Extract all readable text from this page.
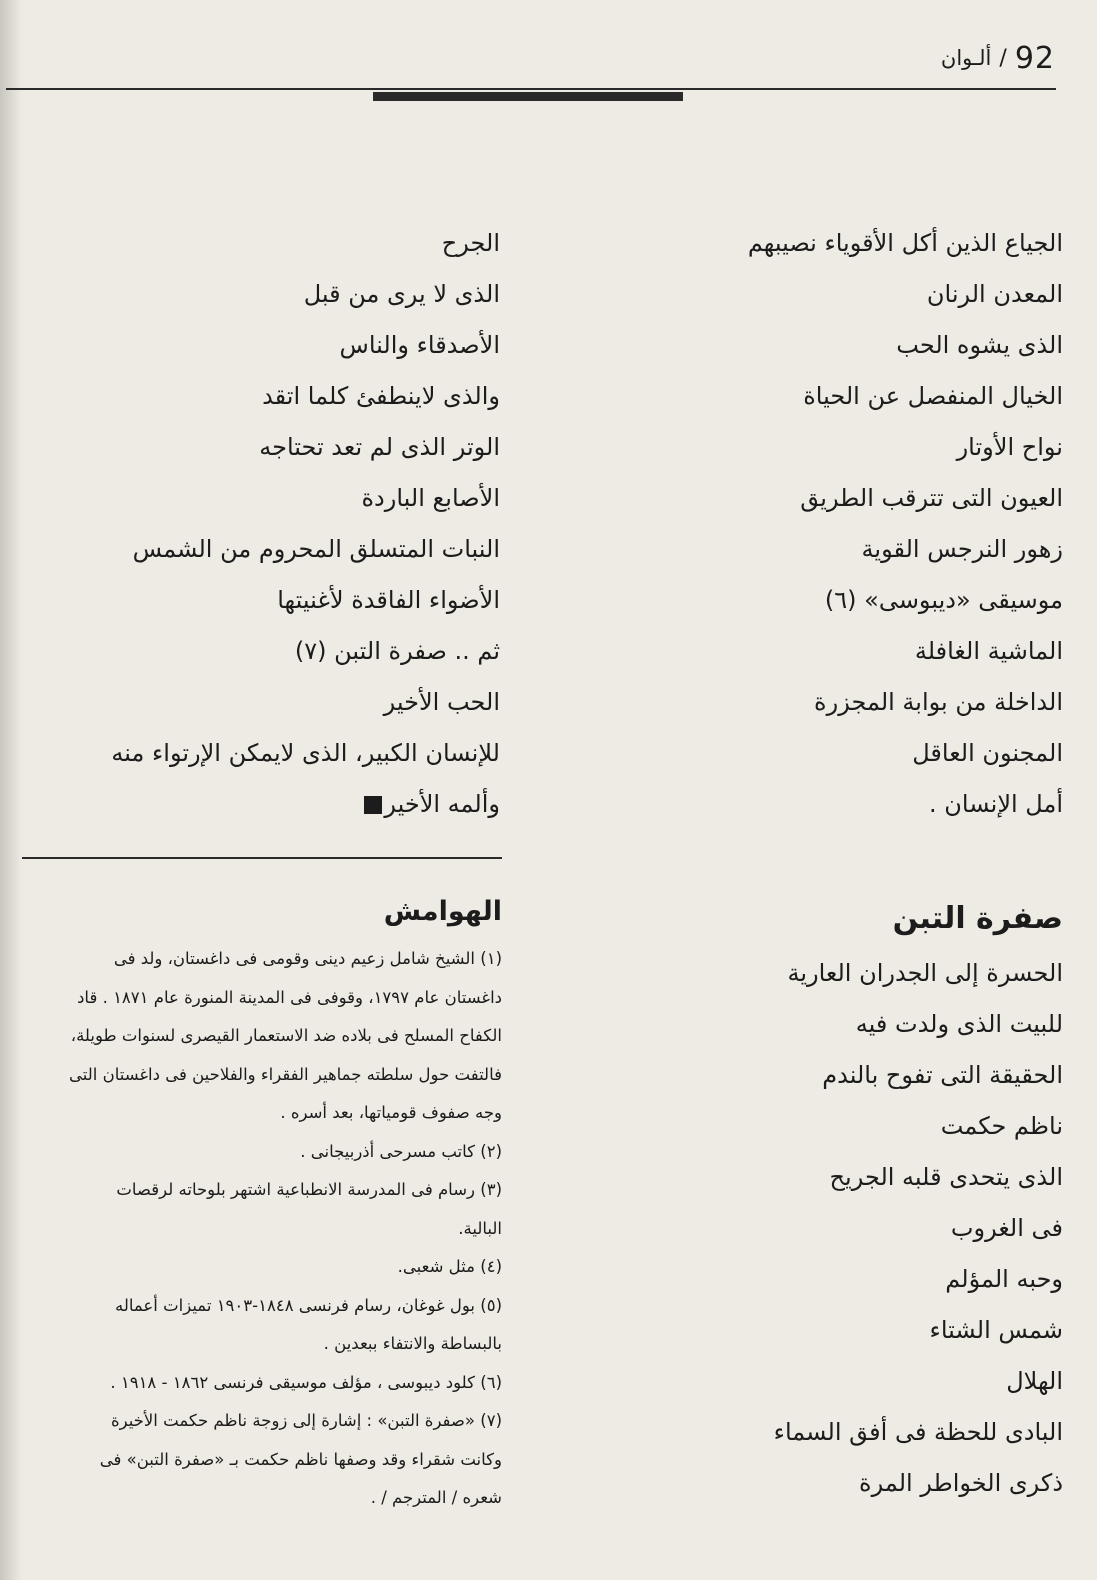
ألـوان / 92

الجياع الذين أكل الأقوياء نصيبهم

المعدن الرنان

الذى يشوه الحب

الخيال المنفصل عن الحياة

نواح الأوتار

العيون التى تترقب الطريق

زهور النرجس القوية

موسيقى «ديبوسى» (٦)

الماشية الغافلة

الداخلة من بوابة المجزرة

المجنون العاقل

أمل الإنسان .

صفرة التبن

الحسرة إلى الجدران العارية

للبيت الذى ولدت فيه

الحقيقة التى تفوح بالندم

ناظم حكمت

الذى يتحدى قلبه الجريح

فى الغروب

وحبه المؤلم

شمس الشتاء

الهلال

البادى للحظة فى أفق السماء

ذكرى الخواطر المرة

الجرح

الذى لا يرى من قبل

الأصدقاء والناس

والذى لاينطفئ كلما اتقد

الوتر الذى لم تعد تحتاجه

الأصابع الباردة

النبات المتسلق المحروم من الشمس

الأضواء الفاقدة لأغنيتها

ثم .. صفرة التبن (٧)

الحب الأخير

للإنسان الكبير، الذى لايمكن الإرتواء منه

وألمه الأخير

الهوامش

(١) الشيخ شامل زعيم دينى وقومى فى داغستان، ولد فى

داغستان عام ١٧٩٧، وقوفى فى المدينة المنورة عام ١٨٧١ . قاد

الكفاح المسلح فى بلاده ضد الاستعمار القيصرى لسنوات طويلة،

فالتفت حول سلطته جماهير الفقراء والفلاحين فى داغستان التى

وجه صفوف قومياتها، بعد أسره .

(٢) كاتب مسرحى أذربيجانى .

(٣) رسام فى المدرسة الانطباعية اشتهر بلوحاته لرقصات

البالية.

(٤) مثل شعبى.

(٥) بول غوغان، رسام فرنسى ١٨٤٨-١٩٠٣ تميزات أعماله

بالبساطة والانتفاء ببعدين .

(٦) كلود ديبوسى ، مؤلف موسيقى فرنسى ١٨٦٢ - ١٩١٨ .

(٧) «صفرة التبن» : إشارة إلى زوجة ناظم حكمت الأخيرة

وكانت شقراء وقد وصفها ناظم حكمت بـ «صفرة التبن» فى

شعره / المترجم / .
